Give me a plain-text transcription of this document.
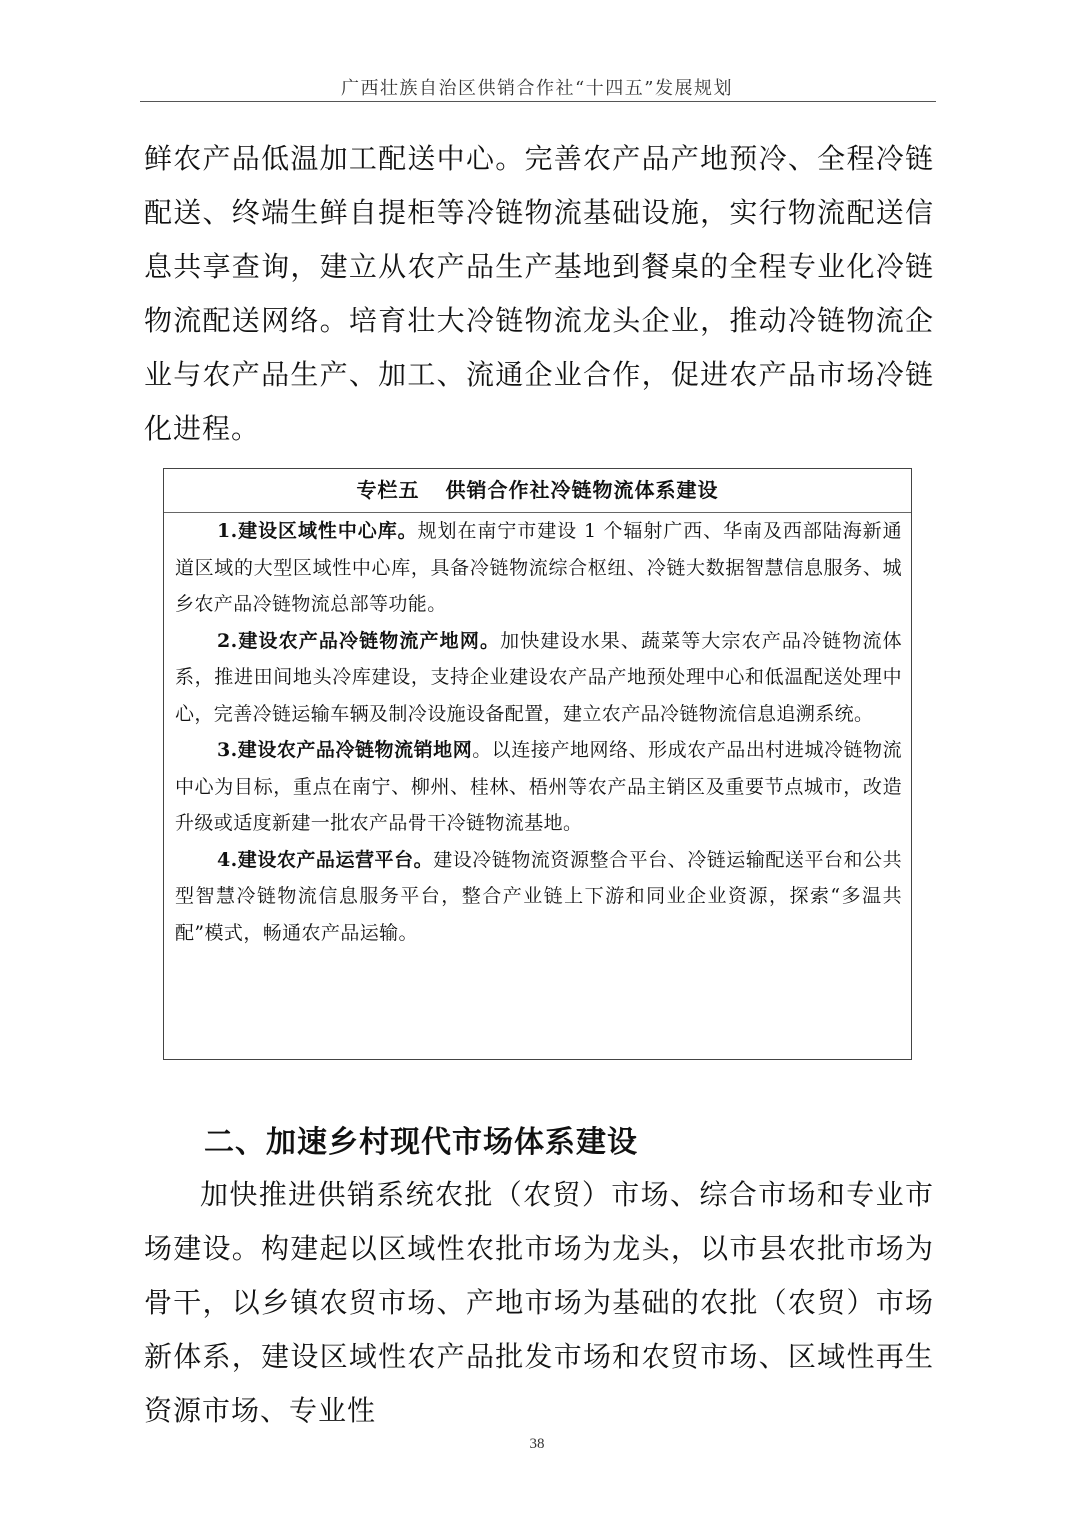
广西壮族自治区供销合作社“十四五”发展规划

鲜农产品低温加工配送中心。完善农产品产地预冷、全程冷链配送、终端生鲜自提柜等冷链物流基础设施，实行物流配送信息共享查询，建立从农产品生产基地到餐桌的全程专业化冷链物流配送网络。培育壮大冷链物流龙头企业，推动冷链物流企业与农产品生产、加工、流通企业合作，促进农产品市场冷链化进程。

专栏五 供销合作社冷链物流体系建设

1.建设区域性中心库。规划在南宁市建设 1 个辐射广西、华南及西部陆海新通道区域的大型区域性中心库，具备冷链物流综合枢纽、冷链大数据智慧信息服务、城乡农产品冷链物流总部等功能。

2.建设农产品冷链物流产地网。加快建设水果、蔬菜等大宗农产品冷链物流体系，推进田间地头冷库建设，支持企业建设农产品产地预处理中心和低温配送处理中心，完善冷链运输车辆及制冷设施设备配置，建立农产品冷链物流信息追溯系统。

3.建设农产品冷链物流销地网。以连接产地网络、形成农产品出村进城冷链物流中心为目标，重点在南宁、柳州、桂林、梧州等农产品主销区及重要节点城市，改造升级或适度新建一批农产品骨干冷链物流基地。

4.建设农产品运营平台。建设冷链物流资源整合平台、冷链运输配送平台和公共型智慧冷链物流信息服务平台，整合产业链上下游和同业企业资源，探索“多温共配”模式，畅通农产品运输。

二、加速乡村现代市场体系建设

加快推进供销系统农批（农贸）市场、综合市场和专业市场建设。构建起以区域性农批市场为龙头，以市县农批市场为骨干，以乡镇农贸市场、产地市场为基础的农批（农贸）市场新体系，建设区域性农产品批发市场和农贸市场、区域性再生资源市场、专业性

38
